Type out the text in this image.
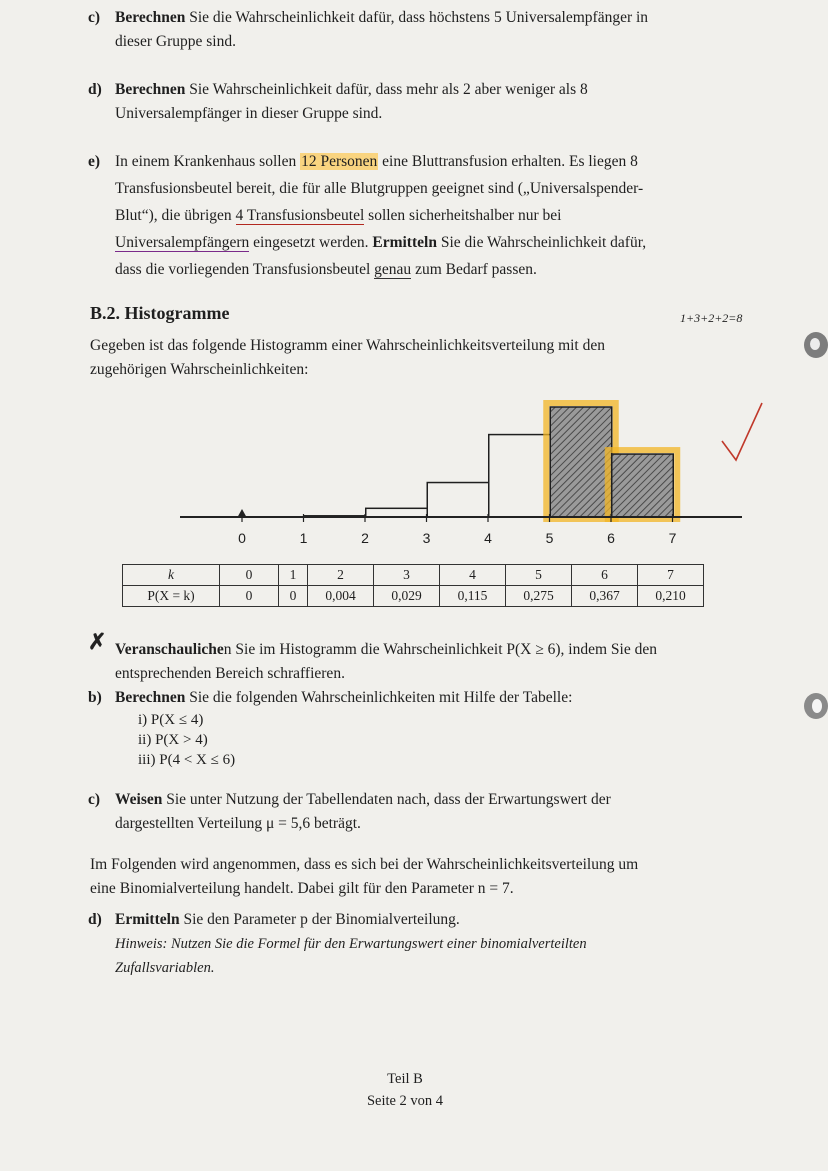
c) Berechnen Sie die Wahrscheinlichkeit dafür, dass höchstens 5 Universalempfänger in
dieser Gruppe sind.
d) Berechnen Sie Wahrscheinlichkeit dafür, dass mehr als 2 aber weniger als 8
Universalempfänger in dieser Gruppe sind.
e) In einem Krankenhaus sollen 12 Personen eine Bluttransfusion erhalten. Es liegen 8
Transfusionsbeutel bereit, die für alle Blutgruppen geeignet sind („Universalspender-
Blut“), die übrigen 4 Transfusionsbeutel sollen sicherheitshalber nur bei
Universalempfängern eingesetzt werden. Ermitteln Sie die Wahrscheinlichkeit dafür,
dass die vorliegenden Transfusionsbeutel genau zum Bedarf passen.
B.2. Histogramme	1+3+2+2=8
Gegeben ist das folgende Histogramm einer Wahrscheinlichkeitsverteilung mit den
zugehörigen Wahrscheinlichkeiten:
0	1	2	3	4	5	6	7
k	0	1	2	3	4	5	6	7
P(X = k)	0	0	0,004	0,029	0,115	0,275	0,367	0,210
✗ Veranschaulichen Sie im Histogramm die Wahrscheinlichkeit P(X ≥ 6), indem Sie den
entsprechenden Bereich schraffieren.
b) Berechnen Sie die folgenden Wahrscheinlichkeiten mit Hilfe der Tabelle:
i) P(X ≤ 4)
ii) P(X > 4)
iii) P(4 < X ≤ 6)
c) Weisen Sie unter Nutzung der Tabellendaten nach, dass der Erwartungswert der
dargestellten Verteilung μ = 5,6 beträgt.
Im Folgenden wird angenommen, dass es sich bei der Wahrscheinlichkeitsverteilung um
eine Binomialverteilung handelt. Dabei gilt für den Parameter n = 7.
d) Ermitteln Sie den Parameter p der Binomialverteilung.
Hinweis: Nutzen Sie die Formel für den Erwartungswert einer binomialverteilten
Zufallsvariablen.
Teil B
Seite 2 von 4
